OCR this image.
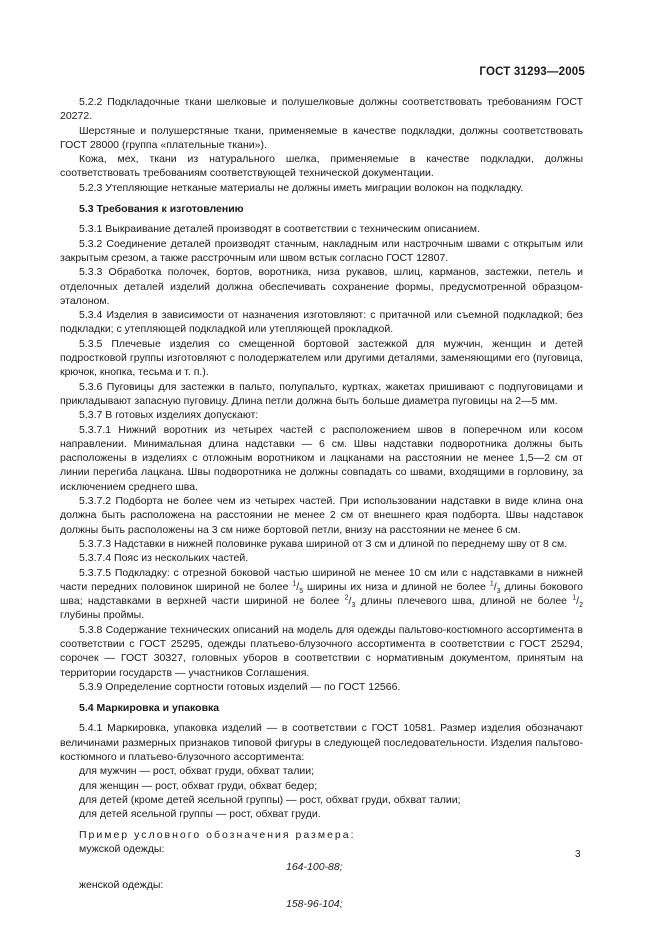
ГОСТ 31293—2005

5.2.2 Подкладочные ткани шелковые и полушелковые должны соответствовать требованиям ГОСТ 20272.

Шерстяные и полушерстяные ткани, применяемые в качестве подкладки, должны соответствовать ГОСТ 28000 (группа «плательные ткани»).

Кожа, мех, ткани из натурального шелка, применяемые в качестве подкладки, должны соответствовать требованиям соответствующей технической документации.

5.2.3 Утепляющие нетканые материалы не должны иметь миграции волокон на подкладку.

5.3 Требования к изготовлению

5.3.1 Выкраивание деталей производят в соответствии с техническим описанием.

5.3.2 Соединение деталей производят стачным, накладным или настрочным швами с открытым или закрытым срезом, а также расстрочным или швом встык согласно ГОСТ 12807.

5.3.3 Обработка полочек, бортов, воротника, низа рукавов, шлиц, карманов, застежки, петель и отделочных деталей изделий должна обеспечивать сохранение формы, предусмотренной образцом-эталоном.

5.3.4 Изделия в зависимости от назначения изготовляют: с притачной или съемной подкладкой; без подкладки; с утепляющей подкладкой или утепляющей прокладкой.

5.3.5 Плечевые изделия со смещенной бортовой застежкой для мужчин, женщин и детей подростковой группы изготовляют с полодержателем или другими деталями, заменяющими его (пуговица, крючок, кнопка, тесьма и т. п.).

5.3.6 Пуговицы для застежки в пальто, полупальто, куртках, жакетах пришивают с подпуговицами и прикладывают запасную пуговицу. Длина петли должна быть больше диаметра пуговицы на 2—5 мм.

5.3.7 В готовых изделиях допускают:

5.3.7.1 Нижний воротник из четырех частей с расположением швов в поперечном или косом направлении. Минимальная длина надставки — 6 см. Швы надставки подворотника должны быть расположены в изделиях с отложным воротником и лацканами на расстоянии не менее 1,5—2 см от линии перегиба лацкана. Швы подворотника не должны совпадать со швами, входящими в горловину, за исключением среднего шва.

5.3.7.2 Подборта не более чем из четырех частей. При использовании надставки в виде клина она должна быть расположена на расстоянии не менее 2 см от внешнего края подборта. Швы надставок должны быть расположены на 3 см ниже бортовой петли, внизу на расстоянии не менее 6 см.

5.3.7.3 Надставки в нижней половинке рукава шириной от 3 см и длиной по переднему шву от 8 см.

5.3.7.4 Пояс из нескольких частей.

5.3.7.5 Подкладку: с отрезной боковой частью шириной не менее 10 см или с надставками в нижней части передних половинок шириной не более $^1/_5$ ширины их низа и длиной не более $^1/_3$ длины бокового шва; надставками в верхней части шириной не более $^2/_3$ длины плечевого шва, длиной не более $^1/_2$ глубины проймы.

5.3.8 Содержание технических описаний на модель для одежды пальтово-костюмного ассортимента в соответствии с ГОСТ 25295, одежды платьево-блузочного ассортимента в соответствии с ГОСТ 25294, сорочек — ГОСТ 30327, головных уборов в соответствии с нормативным документом, принятым на территории государств — участников Соглашения.

5.3.9 Определение сортности готовых изделий — по ГОСТ 12566.

5.4 Маркировка и упаковка

5.4.1 Маркировка, упаковка изделий — в соответствии с ГОСТ 10581. Размер изделия обозначают величинами размерных признаков типовой фигуры в следующей последовательности. Изделия пальтово-костюмного и платьево-блузочного ассортимента:

для мужчин — рост, обхват груди, обхват талии;

для женщин — рост, обхват груди, обхват бедер;

для детей (кроме детей ясельной группы) — рост, обхват груди, обхват талии;

для детей ясельной группы — рост, обхват груди.

Пример условного обозначения размера:

мужской одежды:

164-100-88;

женской одежды:

158-96-104;

3
